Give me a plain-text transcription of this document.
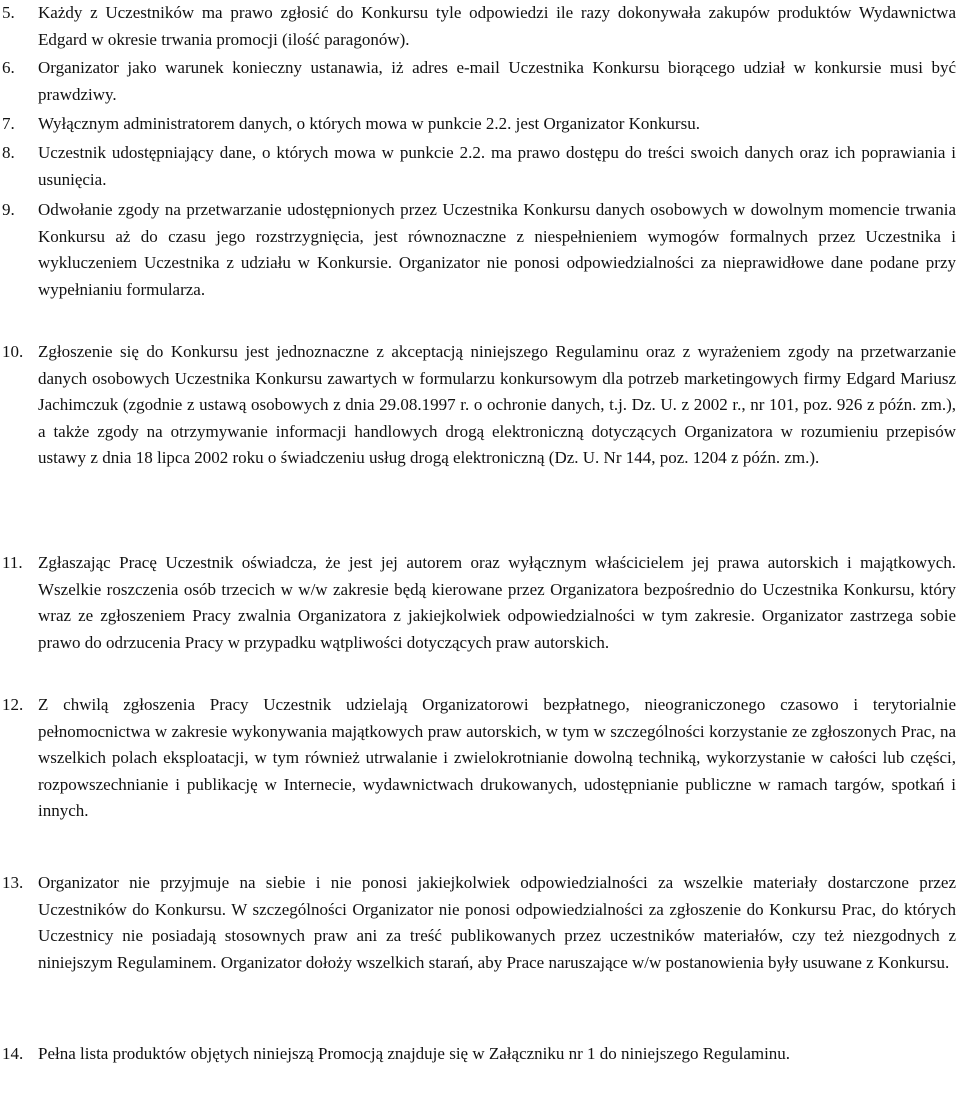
5.	Każdy z Uczestników ma prawo zgłosić do Konkursu tyle odpowiedzi ile razy dokonywała zakupów produktów Wydawnictwa Edgard w okresie trwania promocji (ilość paragonów).
6.	Organizator jako warunek konieczny ustanawia, iż adres e-mail Uczestnika Konkursu biorącego udział w konkursie musi być prawdziwy.
7.	Wyłącznym administratorem danych, o których mowa w punkcie 2.2. jest Organizator Konkursu.
8.	Uczestnik udostępniający dane, o których mowa w punkcie 2.2. ma prawo dostępu do treści swoich danych oraz ich poprawiania i usunięcia.
9.	Odwołanie zgody na przetwarzanie udostępnionych przez Uczestnika Konkursu danych osobowych w dowolnym momencie trwania Konkursu aż do czasu jego rozstrzygnięcia, jest równoznaczne z niespełnieniem wymogów formalnych przez Uczestnika i wykluczeniem Uczestnika z udziału w Konkursie. Organizator nie ponosi odpowiedzialności za nieprawidłowe dane podane przy wypełnianiu formularza.
10. Zgłoszenie się do Konkursu jest jednoznaczne z akceptacją niniejszego Regulaminu oraz z wyrażeniem zgody na przetwarzanie danych osobowych Uczestnika Konkursu zawartych w formularzu konkursowym dla potrzeb marketingowych firmy Edgard Mariusz Jachimczuk (zgodnie z ustawą osobowych z dnia 29.08.1997 r. o ochronie danych, t.j. Dz. U. z 2002 r., nr 101, poz. 926 z późn. zm.), a także zgody na otrzymywanie informacji handlowych drogą elektroniczną dotyczących Organizatora w rozumieniu przepisów ustawy z dnia 18 lipca 2002 roku o świadczeniu usług drogą elektroniczną (Dz. U. Nr 144, poz. 1204 z późn. zm.).
11. Zgłaszając Pracę Uczestnik oświadcza, że jest jej autorem oraz wyłącznym właścicielem jej prawa autorskich i majątkowych. Wszelkie roszczenia osób trzecich w w/w zakresie będą kierowane przez Organizatora bezpośrednio do Uczestnika Konkursu, który wraz ze zgłoszeniem Pracy zwalnia Organizatora z jakiejkolwiek odpowiedzialności w tym zakresie. Organizator zastrzega sobie prawo do odrzucenia Pracy w przypadku wątpliwości dotyczących praw autorskich.
12. Z chwilą zgłoszenia Pracy Uczestnik udzielają Organizatorowi bezpłatnego, nieograniczonego czasowo i terytorialnie pełnomocnictwa w zakresie wykonywania majątkowych praw autorskich, w tym w szczególności korzystanie ze zgłoszonych Prac, na wszelkich polach eksploatacji, w tym również utrwalanie i zwielokrotnianie dowolną techniką, wykorzystanie w całości lub części, rozpowszechnianie i publikację w Internecie, wydawnictwach drukowanych, udostępnianie publiczne w ramach targów, spotkań i innych.
13. Organizator nie przyjmuje na siebie i nie ponosi jakiejkolwiek odpowiedzialności za wszelkie materiały dostarczone przez Uczestników do Konkursu. W szczególności Organizator nie ponosi odpowiedzialności za zgłoszenie do Konkursu Prac, do których Uczestnicy nie posiadają stosownych praw ani za treść publikowanych przez uczestników materiałów, czy też niezgodnych z niniejszym Regulaminem. Organizator dołoży wszelkich starań, aby Prace naruszające w/w postanowienia były usuwane z Konkursu.
14. Pełna lista produktów objętych niniejszą Promocją znajduje się w Załączniku nr 1 do niniejszego Regulaminu.
